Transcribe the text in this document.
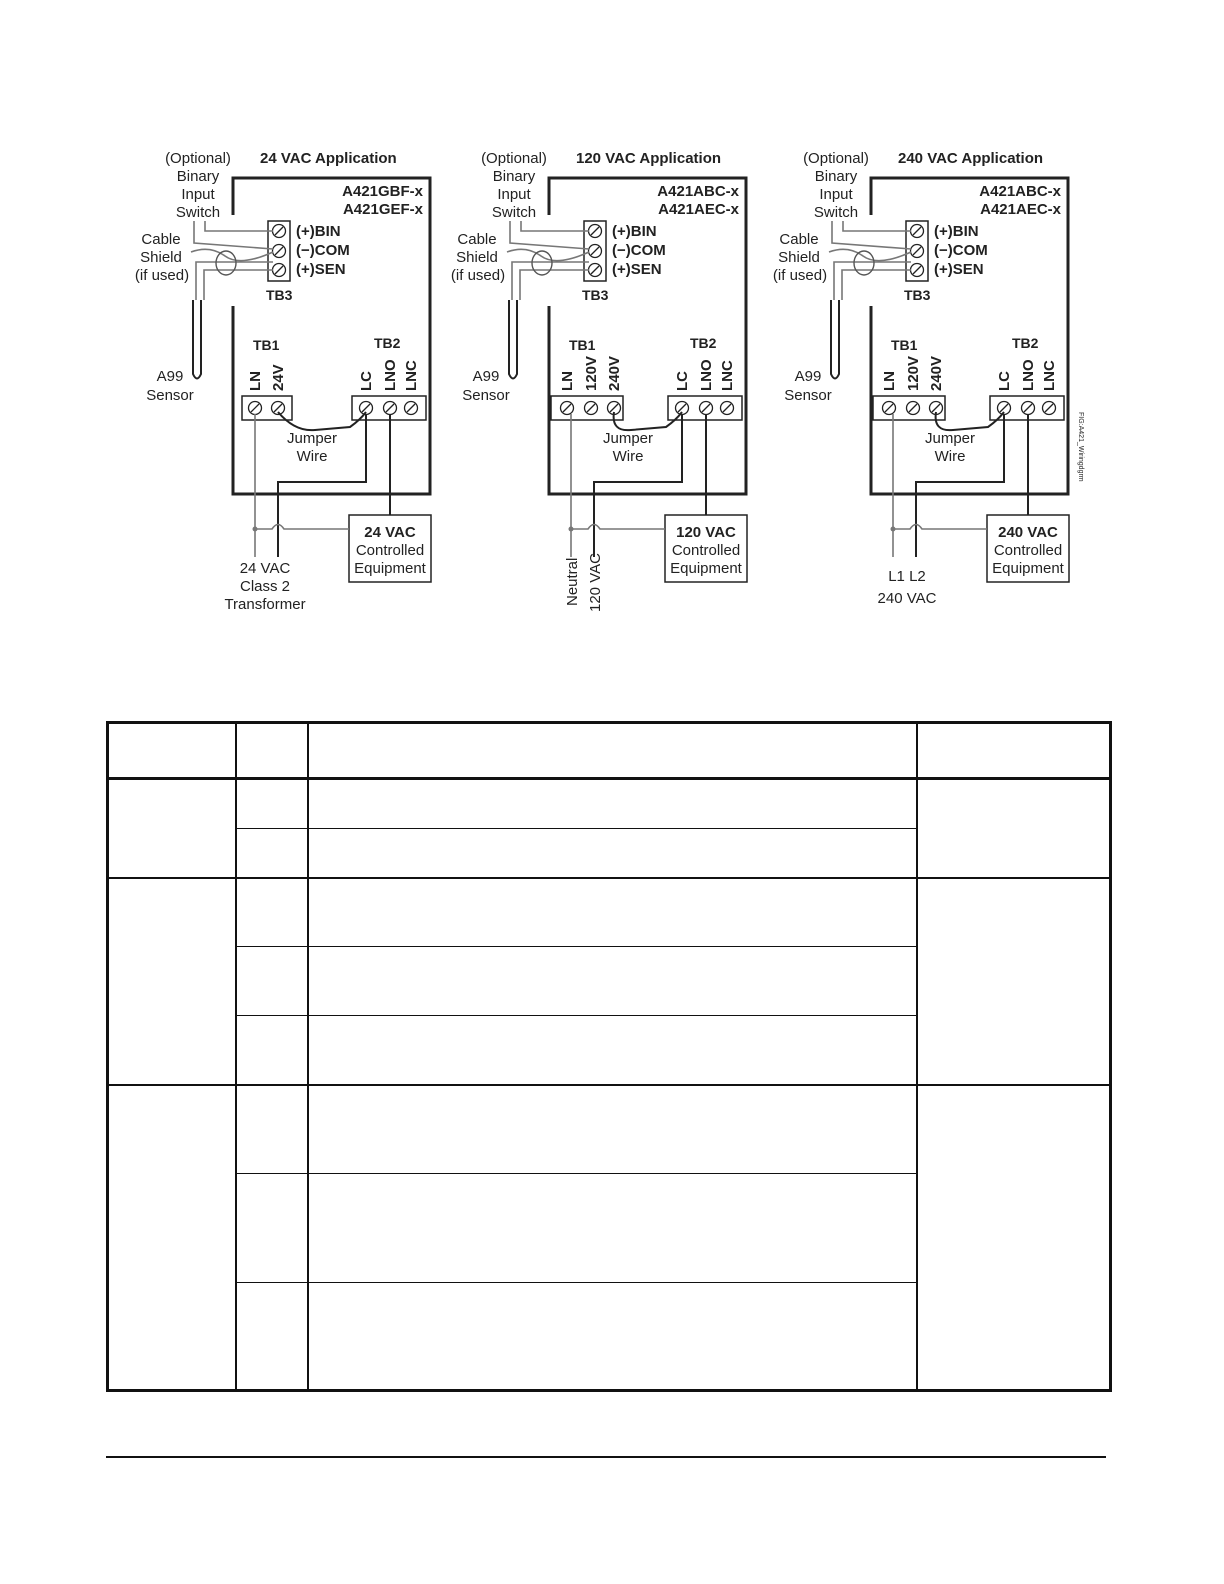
24 VAC Application
A421GBF-x
A421GEF-x
(Optional)
Binary
Input
Switch
Cable
Shield
(if used)
A99
Sensor
TB3
(+)BIN
(−)COM
(+)SEN
TB1
LN 24V
TB2
LC LNO LNC
Jumper
Wire
24 VAC
Controlled
Equipment
24 VAC
Class 2
Transformer
120 VAC Application
A421ABC-x
A421AEC-x
(Optional)
Binary
Input
Switch
Cable
Shield
(if used)
A99
Sensor
TB3
(+)BIN
(−)COM
(+)SEN
TB1
LN 120V 240V
TB2
LC LNO LNC
Jumper
Wire
120 VAC
Controlled
Equipment
Neutral 120 VAC
240 VAC Application
A421ABC-x
A421AEC-x
(Optional)
Binary
Input
Switch
Cable
Shield
(if used)
A99
Sensor
TB3
(+)BIN
(−)COM
(+)SEN
TB1
LN 120V 240V
TB2
LC LNO LNC
Jumper
Wire
240 VAC
Controlled
Equipment
L1 L2
240 VAC
FIG:A421_Wiringdgrm
